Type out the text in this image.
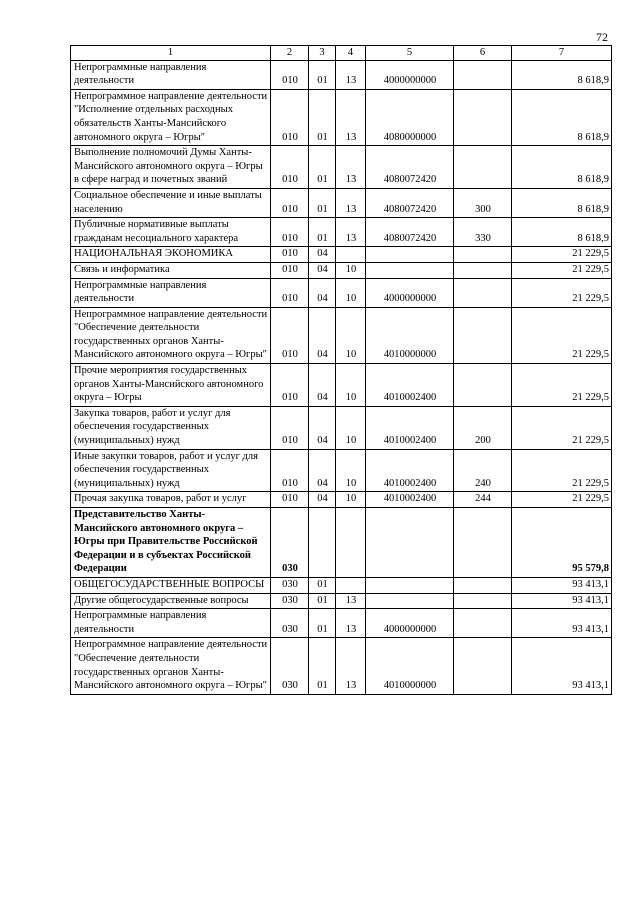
72
1	2	3	4	5	6	7
Непрограммные направления деятельности	010	01	13	4000000000		8 618,9
Непрограммное направление деятельности "Исполнение отдельных расходных обязательств Ханты-Мансийского автономного округа – Югры"	010	01	13	4080000000		8 618,9
Выполнение полномочий Думы Ханты-Мансийского автономного округа – Югры в сфере наград и почетных званий	010	01	13	4080072420		8 618,9
Социальное обеспечение и иные выплаты населению	010	01	13	4080072420	300	8 618,9
Публичные нормативные выплаты гражданам несоциального характера	010	01	13	4080072420	330	8 618,9
НАЦИОНАЛЬНАЯ ЭКОНОМИКА	010	04				21 229,5
Связь и информатика	010	04	10			21 229,5
Непрограммные направления деятельности	010	04	10	4000000000		21 229,5
Непрограммное направление деятельности "Обеспечение деятельности государственных органов Ханты-Мансийского автономного округа – Югры"	010	04	10	4010000000		21 229,5
Прочие мероприятия государственных органов Ханты-Мансийского автономного округа – Югры	010	04	10	4010002400		21 229,5
Закупка товаров, работ и услуг для обеспечения государственных (муниципальных) нужд	010	04	10	4010002400	200	21 229,5
Иные закупки товаров, работ и услуг для обеспечения государственных (муниципальных) нужд	010	04	10	4010002400	240	21 229,5
Прочая закупка товаров, работ и услуг	010	04	10	4010002400	244	21 229,5
Представительство Ханты-Мансийского автономного округа – Югры при Правительстве Российской Федерации и в субъектах Российской Федерации	030					95 579,8
ОБЩЕГОСУДАРСТВЕННЫЕ ВОПРОСЫ	030	01				93 413,1
Другие общегосударственные вопросы	030	01	13			93 413,1
Непрограммные направления деятельности	030	01	13	4000000000		93 413,1
Непрограммное направление деятельности "Обеспечение деятельности государственных органов Ханты-Мансийского автономного округа – Югры"	030	01	13	4010000000		93 413,1
